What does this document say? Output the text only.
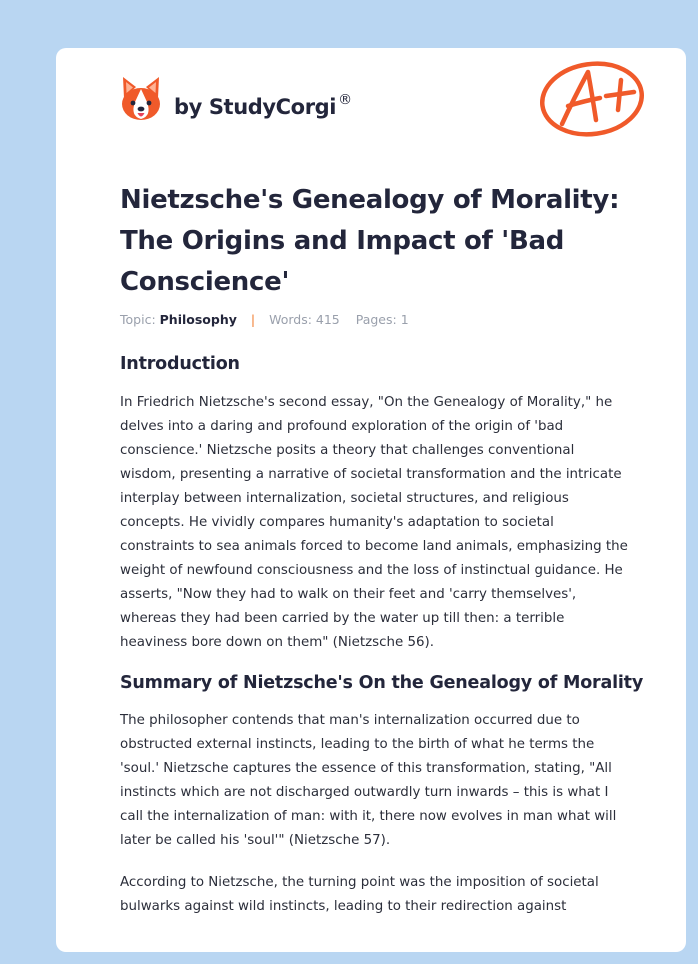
by StudyCorgi ®
Nietzsche's Genealogy of Morality: The Origins and Impact of 'Bad Conscience'
Topic: Philosophy | Words: 415 Pages: 1
Introduction

In Friedrich Nietzsche's second essay, "On the Genealogy of Morality," he delves into a daring and profound exploration of the origin of 'bad conscience.' Nietzsche posits a theory that challenges conventional wisdom, presenting a narrative of societal transformation and the intricate interplay between internalization, societal structures, and religious concepts. He vividly compares humanity's adaptation to societal constraints to sea animals forced to become land animals, emphasizing the weight of newfound consciousness and the loss of instinctual guidance. He asserts, "Now they had to walk on their feet and 'carry themselves', whereas they had been carried by the water up till then: a terrible heaviness bore down on them" (Nietzsche 56).

Summary of Nietzsche's On the Genealogy of Morality

The philosopher contends that man's internalization occurred due to obstructed external instincts, leading to the birth of what he terms the 'soul.' Nietzsche captures the essence of this transformation, stating, "All instincts which are not discharged outwardly turn inwards – this is what I call the internalization of man: with it, there now evolves in man what will later be called his 'soul'" (Nietzsche 57).

According to Nietzsche, the turning point was the imposition of societal bulwarks against wild instincts, leading to their redirection against
